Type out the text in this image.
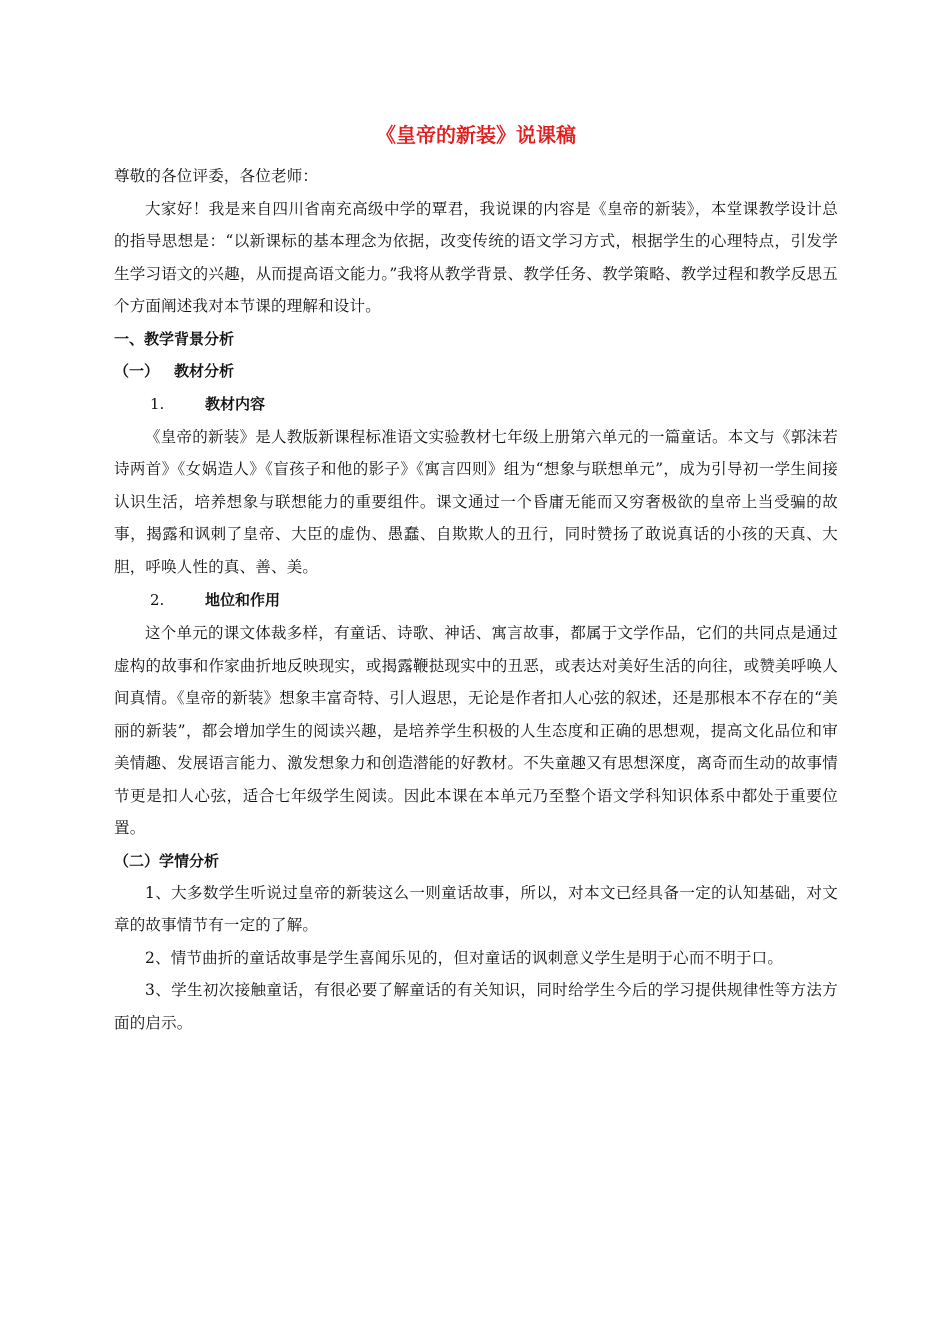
《皇帝的新装》说课稿

尊敬的各位评委，各位老师：

大家好！我是来自四川省南充高级中学的覃君，我说课的内容是《皇帝的新装》，本堂课教学设计总的指导思想是：“以新课标的基本理念为依据，改变传统的语文学习方式，根据学生的心理特点，引发学生学习语文的兴趣，从而提高语文能力。”我将从教学背景、教学任务、教学策略、教学过程和教学反思五个方面阐述我对本节课的理解和设计。

一、教学背景分析
（一） 教材分析
1.	教材内容

《皇帝的新装》是人教版新课程标准语文实验教材七年级上册第六单元的一篇童话。本文与《郭沫若诗两首》《女娲造人》《盲孩子和他的影子》《寓言四则》组为“想象与联想单元”，成为引导初一学生间接认识生活，培养想象与联想能力的重要组件。课文通过一个昏庸无能而又穷奢极欲的皇帝上当受骗的故事，揭露和讽刺了皇帝、大臣的虚伪、愚蠢、自欺欺人的丑行，同时赞扬了敢说真话的小孩的天真、大胆，呼唤人性的真、善、美。

2.	地位和作用

这个单元的课文体裁多样，有童话、诗歌、神话、寓言故事，都属于文学作品，它们的共同点是通过虚构的故事和作家曲折地反映现实，或揭露鞭挞现实中的丑恶，或表达对美好生活的向往，或赞美呼唤人间真情。《皇帝的新装》想象丰富奇特、引人遐思，无论是作者扣人心弦的叙述，还是那根本不存在的“美丽的新装”，都会增加学生的阅读兴趣，是培养学生积极的人生态度和正确的思想观，提高文化品位和审美情趣、发展语言能力、激发想象力和创造潜能的好教材。不失童趣又有思想深度，离奇而生动的故事情节更是扣人心弦，适合七年级学生阅读。因此本课在本单元乃至整个语文学科知识体系中都处于重要位置。

（二）学情分析

1、大多数学生听说过皇帝的新装这么一则童话故事，所以，对本文已经具备一定的认知基础，对文章的故事情节有一定的了解。

2、情节曲折的童话故事是学生喜闻乐见的，但对童话的讽刺意义学生是明于心而不明于口。

3、学生初次接触童话，有很必要了解童话的有关知识，同时给学生今后的学习提供规律性等方法方面的启示。
